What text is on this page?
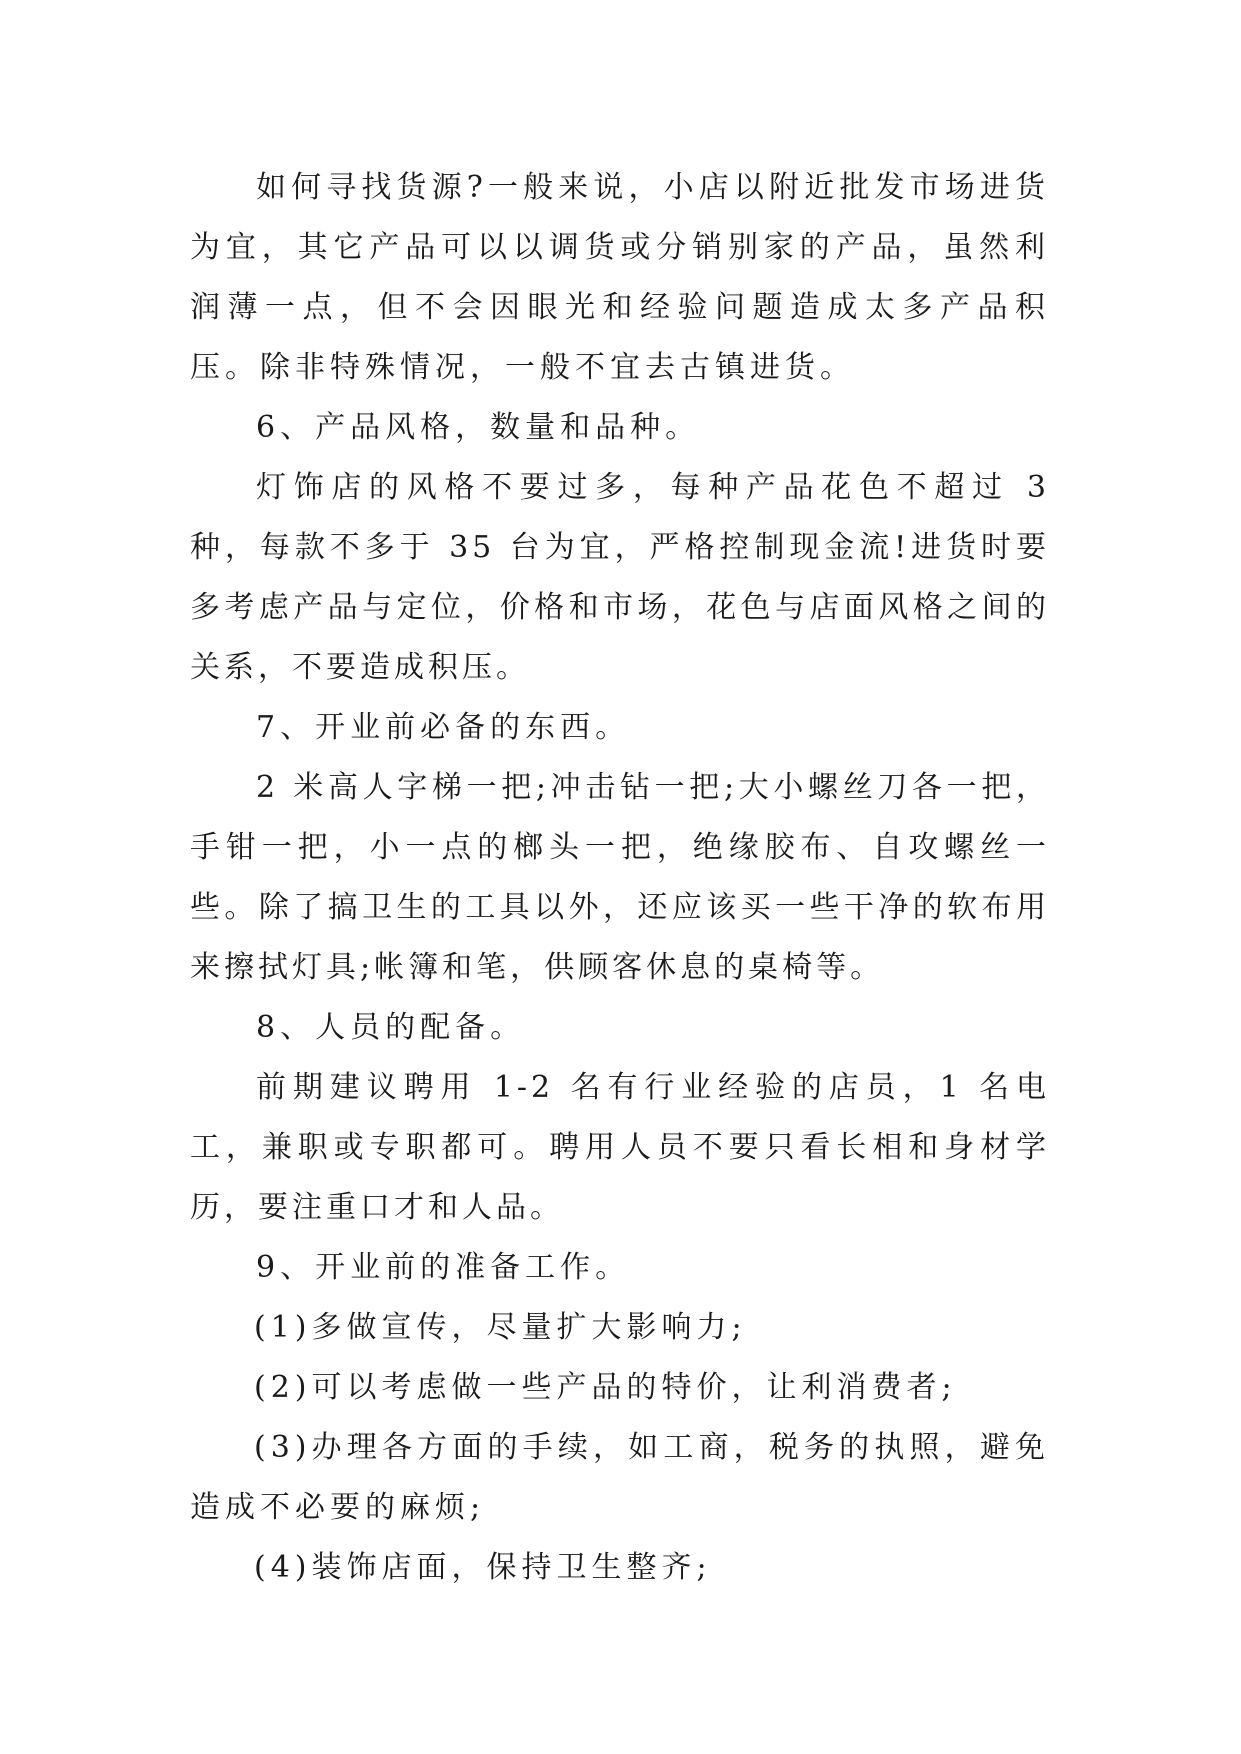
如何寻找货源?一般来说，小店以附近批发市场进货为宜，其它产品可以以调货或分销别家的产品，虽然利润薄一点，但不会因眼光和经验问题造成太多产品积压。除非特殊情况，一般不宜去古镇进货。

6、产品风格，数量和品种。

灯饰店的风格不要过多，每种产品花色不超过 3 种，每款不多于 35 台为宜，严格控制现金流!进货时要多考虑产品与定位，价格和市场，花色与店面风格之间的关系，不要造成积压。

7、开业前必备的东西。

2 米高人字梯一把;冲击钻一把;大小螺丝刀各一把，手钳一把，小一点的榔头一把，绝缘胶布、自攻螺丝一些。除了搞卫生的工具以外，还应该买一些干净的软布用来擦拭灯具;帐簿和笔，供顾客休息的桌椅等。

8、人员的配备。

前期建议聘用 1-2 名有行业经验的店员，1 名电工，兼职或专职都可。聘用人员不要只看长相和身材学历，要注重口才和人品。

9、开业前的准备工作。

(1)多做宣传，尽量扩大影响力;

(2)可以考虑做一些产品的特价，让利消费者;

(3)办理各方面的手续，如工商，税务的执照，避免造成不必要的麻烦;

(4)装饰店面，保持卫生整齐;
